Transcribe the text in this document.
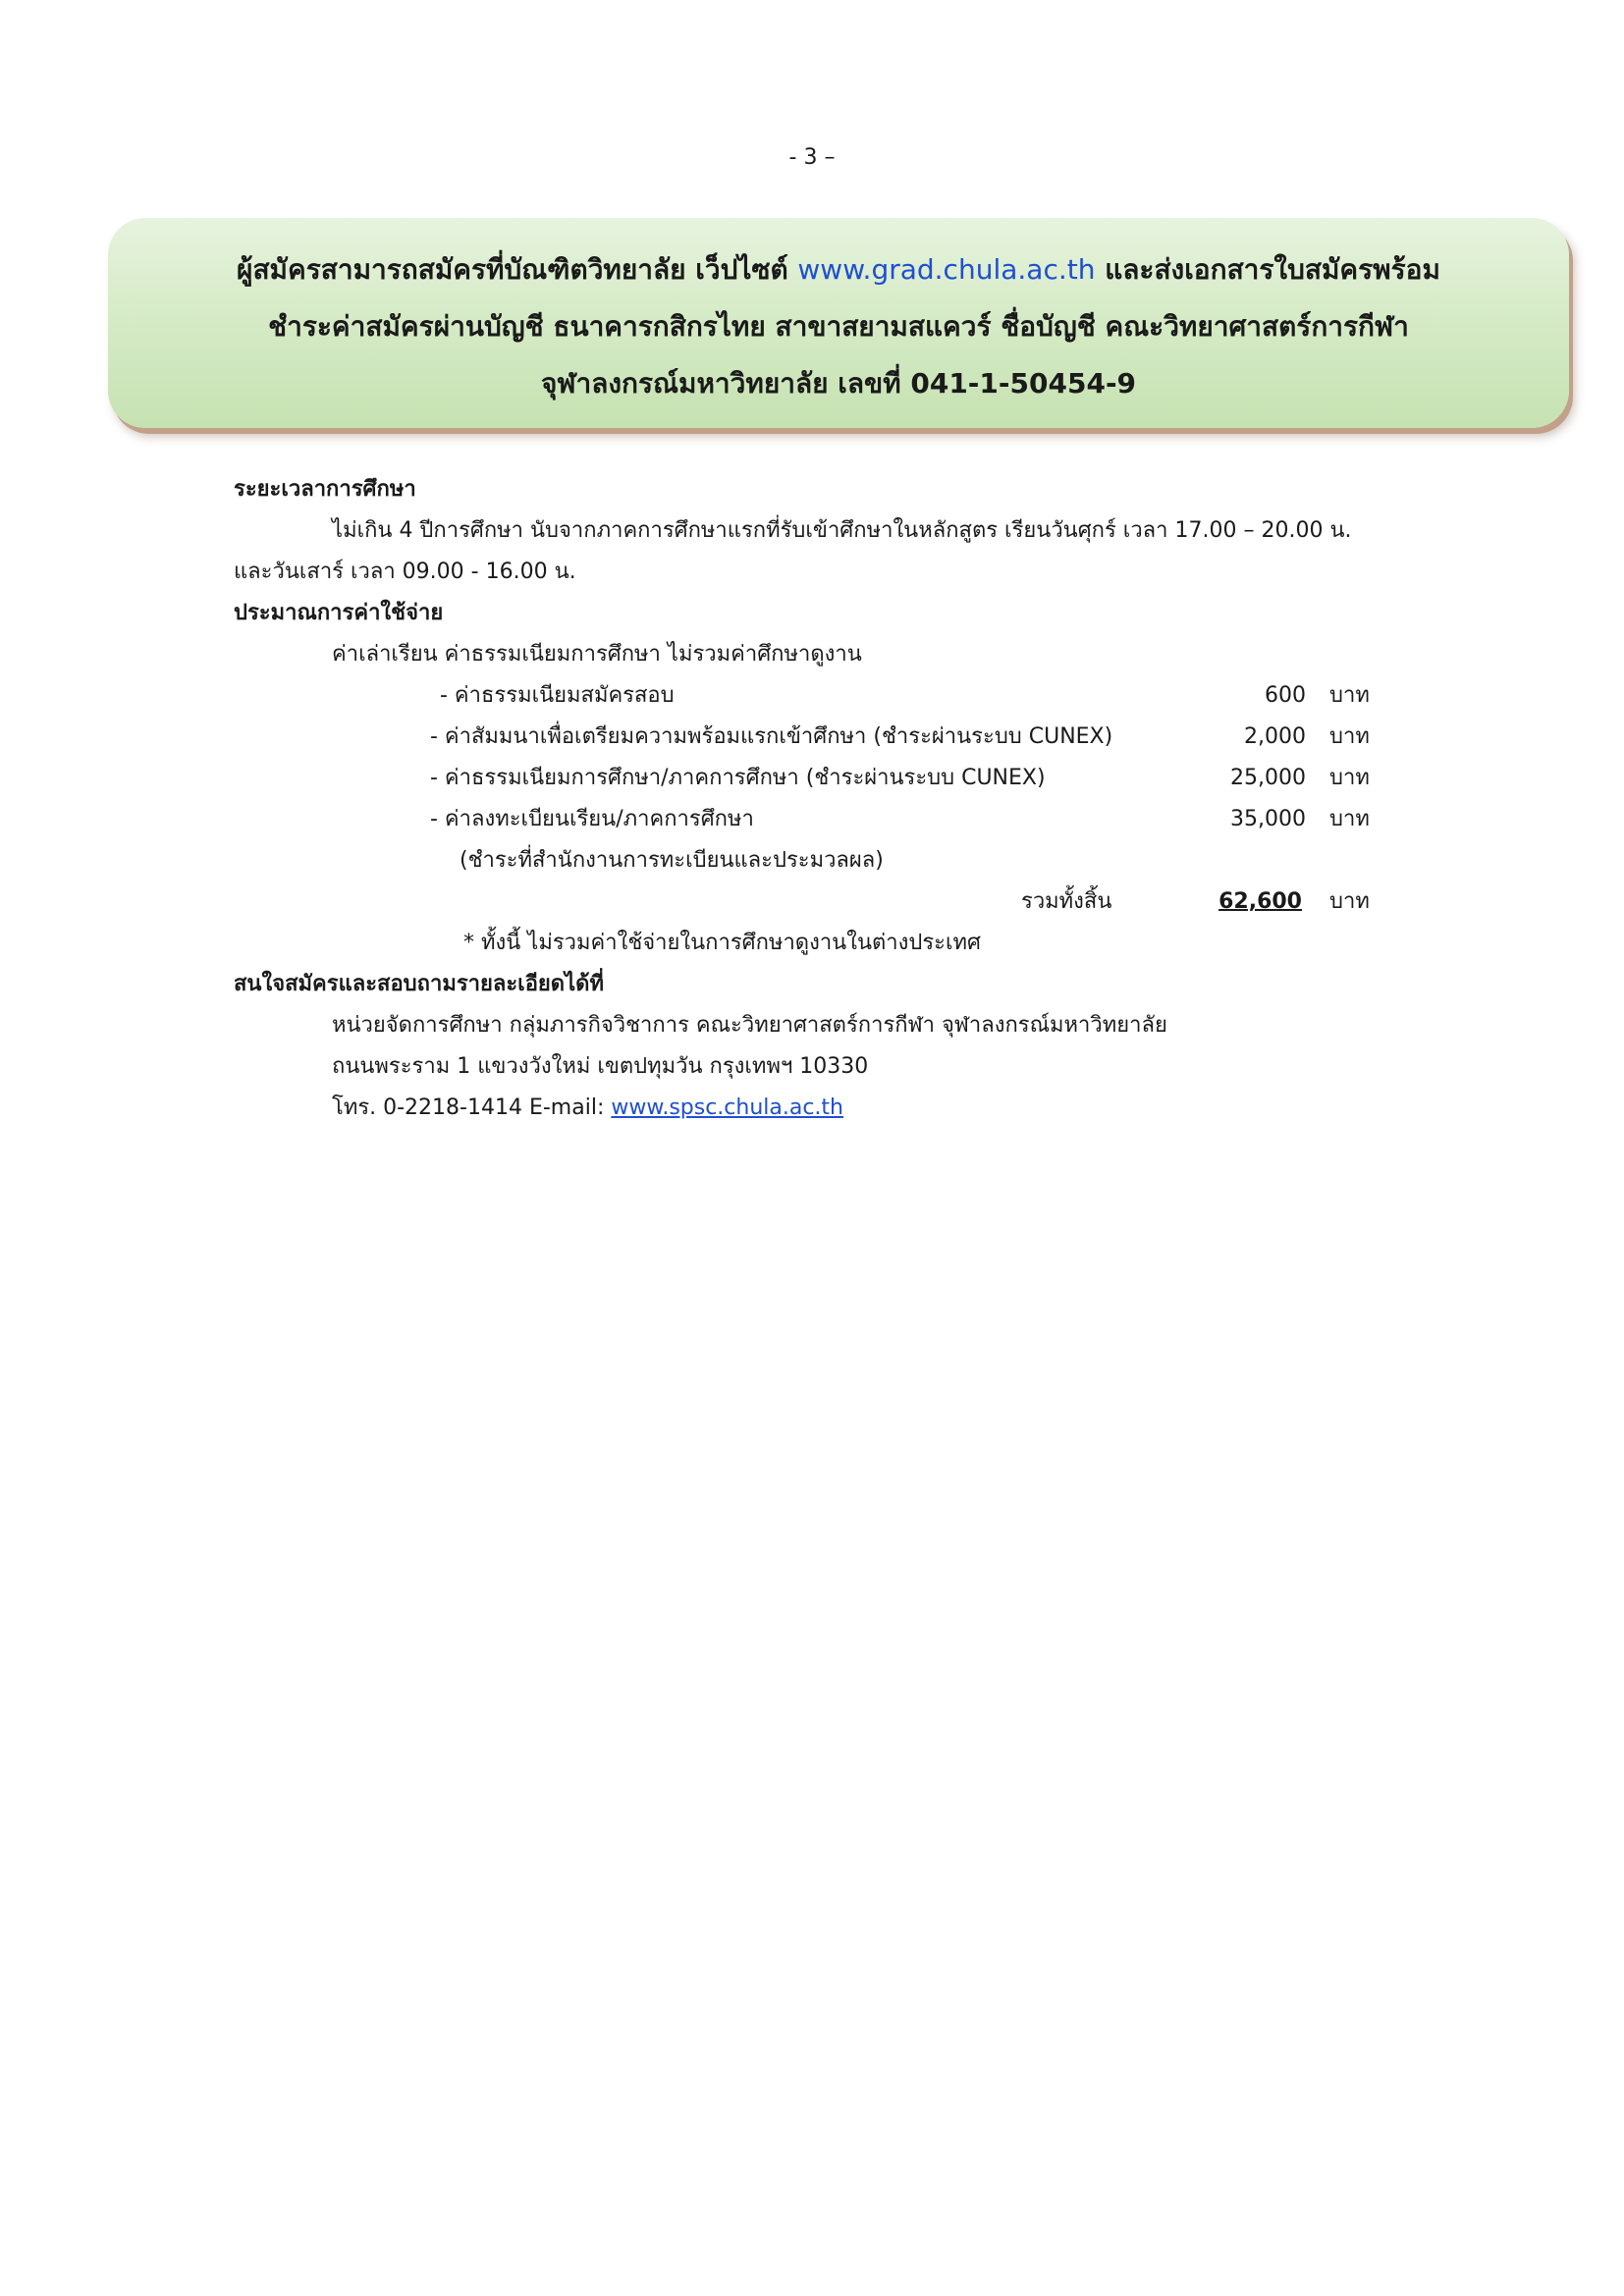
- 3 –
ผู้สมัครสามารถสมัครที่บัณฑิตวิทยาลัย เว็ปไซต์ www.grad.chula.ac.th และส่งเอกสารใบสมัครพร้อม
ชำระค่าสมัครผ่านบัญชี ธนาคารกสิกรไทย สาขาสยามสแควร์ ชื่อบัญชี คณะวิทยาศาสตร์การกีฬา
จุฬาลงกรณ์มหาวิทยาลัย เลขที่ 041-1-50454-9
ระยะเวลาการศึกษา
ไม่เกิน 4 ปีการศึกษา นับจากภาคการศึกษาแรกที่รับเข้าศึกษาในหลักสูตร เรียนวันศุกร์ เวลา 17.00 – 20.00 น.
และวันเสาร์ เวลา 09.00 - 16.00 น.
ประมาณการค่าใช้จ่าย
ค่าเล่าเรียน ค่าธรรมเนียมการศึกษา ไม่รวมค่าศึกษาดูงาน
- ค่าธรรมเนียมสมัครสอบ	600 บาท
- ค่าสัมมนาเพื่อเตรียมความพร้อมแรกเข้าศึกษา (ชำระผ่านระบบ CUNEX)	2,000 บาท
- ค่าธรรมเนียมการศึกษา/ภาคการศึกษา (ชำระผ่านระบบ CUNEX)	25,000 บาท
- ค่าลงทะเบียนเรียน/ภาคการศึกษา	35,000 บาท
(ชำระที่สำนักงานการทะเบียนและประมวลผล)
รวมทั้งสิ้น	62,600 บาท
* ทั้งนี้ ไม่รวมค่าใช้จ่ายในการศึกษาดูงานในต่างประเทศ
สนใจสมัครและสอบถามรายละเอียดได้ที่
หน่วยจัดการศึกษา กลุ่มภารกิจวิชาการ คณะวิทยาศาสตร์การกีฬา จุฬาลงกรณ์มหาวิทยาลัย
ถนนพระราม 1 แขวงวังใหม่ เขตปทุมวัน กรุงเทพฯ 10330
โทร. 0-2218-1414 E-mail: www.spsc.chula.ac.th
